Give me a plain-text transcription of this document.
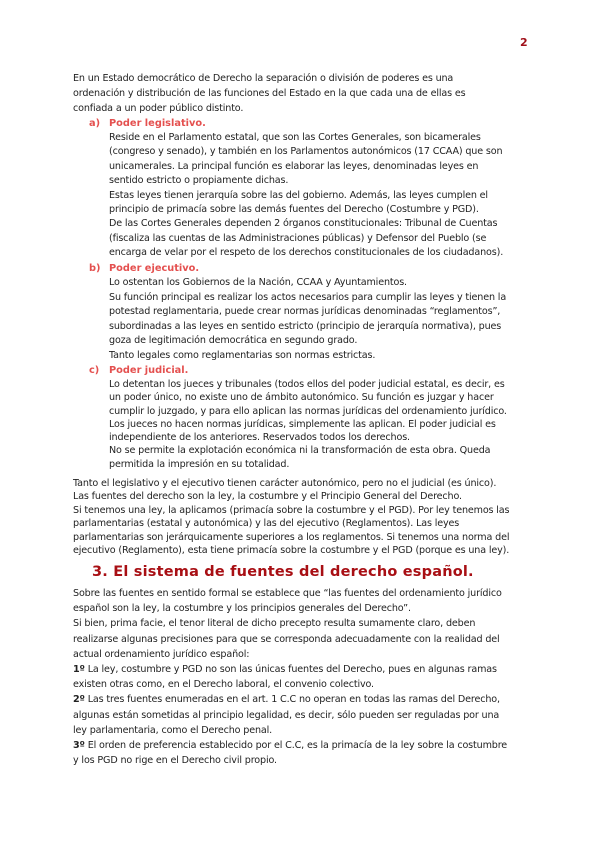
2
En un Estado democrático de Derecho la separación o división de poderes es una
ordenación y distribución de las funciones del Estado en la que cada una de ellas es
confiada a un poder público distinto.
a) Poder legislativo.
Reside en el Parlamento estatal, que son las Cortes Generales, son bicamerales
(congreso y senado), y también en los Parlamentos autonómicos (17 CCAA) que son
unicamerales. La principal función es elaborar las leyes, denominadas leyes en
sentido estricto o propiamente dichas.
Estas leyes tienen jerarquía sobre las del gobierno. Además, las leyes cumplen el
principio de primacía sobre las demás fuentes del Derecho (Costumbre y PGD).
De las Cortes Generales dependen 2 órganos constitucionales: Tribunal de Cuentas
(fiscaliza las cuentas de las Administraciones públicas) y Defensor del Pueblo (se
encarga de velar por el respeto de los derechos constitucionales de los ciudadanos).
b) Poder ejecutivo.
Lo ostentan los Gobiernos de la Nación, CCAA y Ayuntamientos.
Su función principal es realizar los actos necesarios para cumplir las leyes y tienen la
potestad reglamentaria, puede crear normas jurídicas denominadas “reglamentos”,
subordinadas a las leyes en sentido estricto (principio de jerarquía normativa), pues
goza de legitimación democrática en segundo grado.
Tanto legales como reglamentarias son normas estrictas.
c) Poder judicial.
Lo detentan los jueces y tribunales (todos ellos del poder judicial estatal, es decir, es
un poder único, no existe uno de ámbito autonómico. Su función es juzgar y hacer
cumplir lo juzgado, y para ello aplican las normas jurídicas del ordenamiento jurídico.
Los jueces no hacen normas jurídicas, simplemente las aplican. El poder judicial es
independiente de los anteriores. Reservados todos los derechos.
No se permite la explotación económica ni la transformación de esta obra. Queda
permitida la impresión en su totalidad.
Tanto el legislativo y el ejecutivo tienen carácter autonómico, pero no el judicial (es único).
Las fuentes del derecho son la ley, la costumbre y el Principio General del Derecho.
Si tenemos una ley, la aplicamos (primacía sobre la costumbre y el PGD). Por ley tenemos las
parlamentarias (estatal y autonómica) y las del ejecutivo (Reglamentos). Las leyes
parlamentarias son jerárquicamente superiores a los reglamentos. Si tenemos una norma del
ejecutivo (Reglamento), esta tiene primacía sobre la costumbre y el PGD (porque es una ley).
3. El sistema de fuentes del derecho español.
Sobre las fuentes en sentido formal se establece que “las fuentes del ordenamiento jurídico
español son la ley, la costumbre y los principios generales del Derecho”.
Si bien, prima facie, el tenor literal de dicho precepto resulta sumamente claro, deben
realizarse algunas precisiones para que se corresponda adecuadamente con la realidad del
actual ordenamiento jurídico español:
1º La ley, costumbre y PGD no son las únicas fuentes del Derecho, pues en algunas ramas
existen otras como, en el Derecho laboral, el convenio colectivo.
2º Las tres fuentes enumeradas en el art. 1 C.C no operan en todas las ramas del Derecho,
algunas están sometidas al principio legalidad, es decir, sólo pueden ser reguladas por una
ley parlamentaria, como el Derecho penal.
3º El orden de preferencia establecido por el C.C, es la primacía de la ley sobre la costumbre
y los PGD no rige en el Derecho civil propio.
